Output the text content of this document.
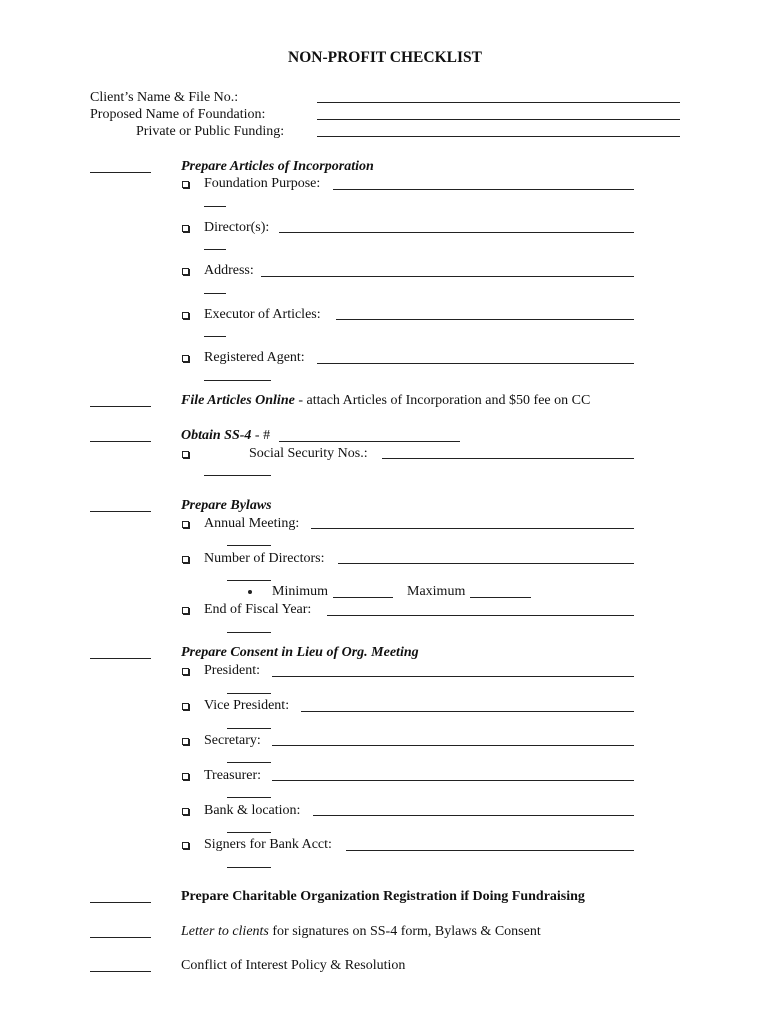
NON-PROFIT CHECKLIST
Client’s Name & File No.:
Proposed Name of Foundation:
Private or Public Funding:
Prepare Articles of Incorporation
Foundation Purpose:
Director(s):
Address:
Executor of Articles:
Registered Agent:
File Articles Online - attach Articles of Incorporation and $50 fee on CC
Obtain SS-4 - #
Social Security Nos.:
Prepare Bylaws
Annual Meeting:
Number of Directors:
Minimum	Maximum
End of Fiscal Year:
Prepare Consent in Lieu of Org. Meeting
President:
Vice President:
Secretary:
Treasurer:
Bank & location:
Signers for Bank Acct:
Prepare Charitable Organization Registration if Doing Fundraising
Letter to clients for signatures on SS-4 form, Bylaws & Consent
Conflict of Interest Policy & Resolution
